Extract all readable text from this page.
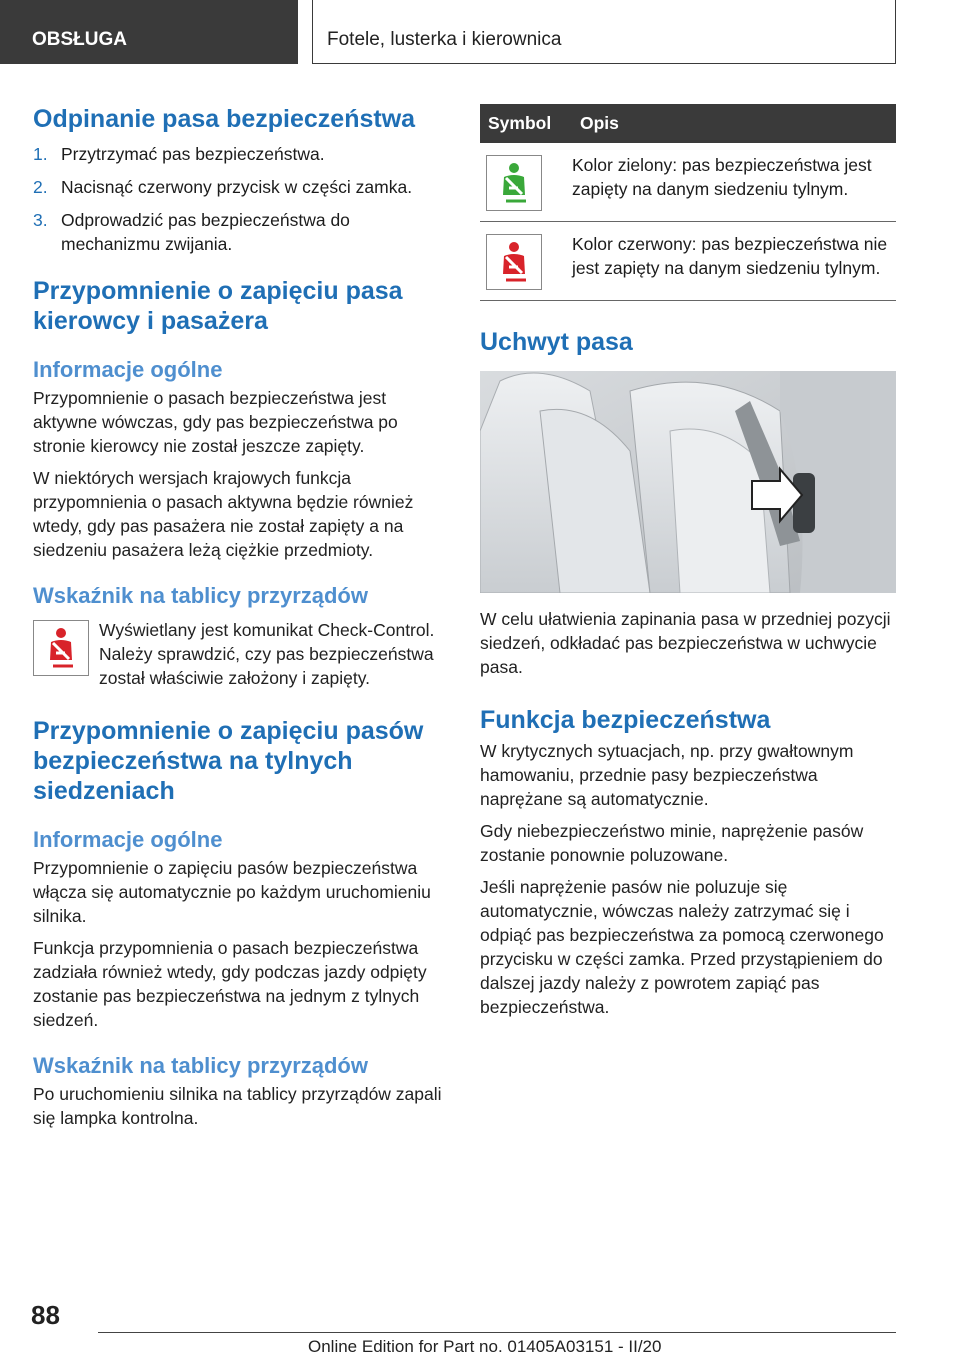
OBSŁUGA	Fotele, lusterka i kierownica
Odpinanie pasa bezpieczeństwa
1. Przytrzymać pas bezpieczeństwa.
2. Nacisnąć czerwony przycisk w części zamka.
3. Odprowadzić pas bezpieczeństwa do mechanizmu zwijania.
Przypomnienie o zapięciu pasa kierowcy i pasażera
Informacje ogólne

Przypomnienie o pasach bezpieczeństwa jest aktywne wówczas, gdy pas bezpieczeństwa po stronie kierowcy nie został jeszcze zapięty.

W niektórych wersjach krajowych funkcja przypomnienia o pasach aktywna będzie również wtedy, gdy pas pasażera nie został zapięty a na siedzeniu pasażera leżą ciężkie przedmioty.

Wskaźnik na tablicy przyrządów

Wyświetlany jest komunikat Check-Control. Należy sprawdzić, czy pas bezpieczeństwa został właściwie założony i zapięty.

Przypomnienie o zapięciu pasów bezpieczeństwa na tylnych siedzeniach
Informacje ogólne

Przypomnienie o zapięciu pasów bezpieczeństwa włącza się automatycznie po każdym uruchomieniu silnika.

Funkcja przypomnienia o pasach bezpieczeństwa zadziała również wtedy, gdy podczas jazdy odpięty zostanie pas bezpieczeństwa na jednym z tylnych siedzeń.

Wskaźnik na tablicy przyrządów

Po uruchomieniu silnika na tablicy przyrządów zapali się lampka kontrolna.

Symbol	Opis

	Kolor zielony: pas bezpieczeństwa jest zapięty na danym siedzeniu tylnym.

	Kolor czerwony: pas bezpieczeństwa nie jest zapięty na danym siedzeniu tylnym.
Uchwyt pasa

W celu ułatwienia zapinania pasa w przedniej pozycji siedzeń, odkładać pas bezpieczeństwa w uchwycie pasa.

Funkcja bezpieczeństwa

W krytycznych sytuacjach, np. przy gwałtownym hamowaniu, przednie pasy bezpieczeństwa naprężane są automatycznie.

Gdy niebezpieczeństwo minie, naprężenie pasów zostanie ponownie poluzowane.

Jeśli naprężenie pasów nie poluzuje się automatycznie, wówczas należy zatrzymać się i odpiąć pas bezpieczeństwa za pomocą czerwonego przycisku w części zamka. Przed przystąpieniem do dalszej jazdy należy z powrotem zapiąć pas bezpieczeństwa.

88
Online Edition for Part no. 01405A03151 - II/20
